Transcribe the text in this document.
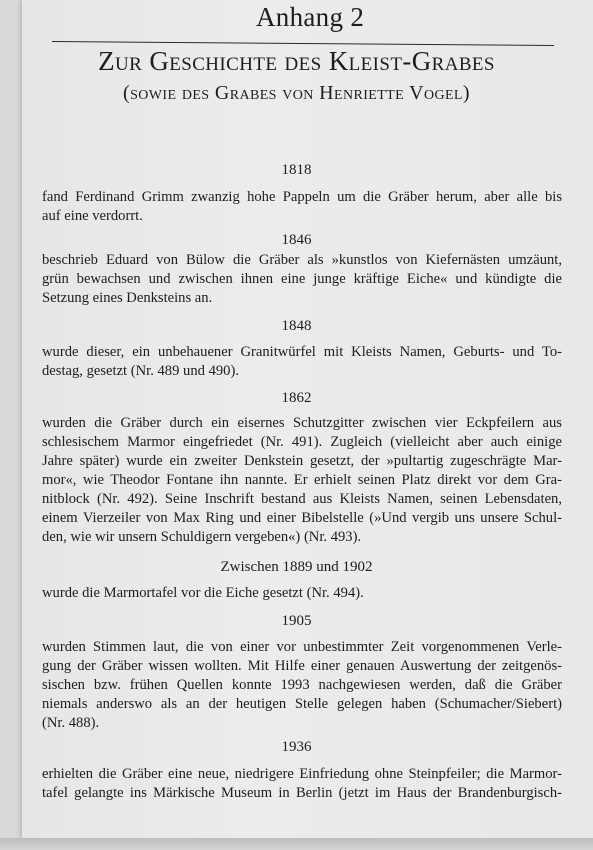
Anhang 2
Zur Geschichte des Kleist-Grabes
(sowie des Grabes von Henriette Vogel)
1818
fand Ferdinand Grimm zwanzig hohe Pappeln um die Gräber herum, aber alle bis
auf eine verdorrt.
1846
beschrieb Eduard von Bülow die Gräber als »kunstlos von Kiefernästen umzäunt,
grün bewachsen und zwischen ihnen eine junge kräftige Eiche« und kündigte die
Setzung eines Denksteins an.
1848
wurde dieser, ein unbehauener Granitwürfel mit Kleists Namen, Geburts- und To-
destag, gesetzt (Nr. 489 und 490).
1862
wurden die Gräber durch ein eisernes Schutzgitter zwischen vier Eckpfeilern aus
schlesischem Marmor eingefriedet (Nr. 491). Zugleich (vielleicht aber auch einige
Jahre später) wurde ein zweiter Denkstein gesetzt, der »pultartig zugeschrägte Mar-
mor«, wie Theodor Fontane ihn nannte. Er erhielt seinen Platz direkt vor dem Gra-
nitblock (Nr. 492). Seine Inschrift bestand aus Kleists Namen, seinen Lebensdaten,
einem Vierzeiler von Max Ring und einer Bibelstelle (»Und vergib uns unsere Schul-
den, wie wir unsern Schuldigern vergeben«) (Nr. 493).
Zwischen 1889 und 1902
wurde die Marmortafel vor die Eiche gesetzt (Nr. 494).
1905
wurden Stimmen laut, die von einer vor unbestimmter Zeit vorgenommenen Verle-
gung der Gräber wissen wollten. Mit Hilfe einer genauen Auswertung der zeitgenös-
sischen bzw. frühen Quellen konnte 1993 nachgewiesen werden, daß die Gräber
niemals anderswo als an der heutigen Stelle gelegen haben (Schumacher/Siebert)
(Nr. 488).
1936
erhielten die Gräber eine neue, niedrigere Einfriedung ohne Steinpfeiler; die Marmor-
tafel gelangte ins Märkische Museum in Berlin (jetzt im Haus der Brandenburgisch-
